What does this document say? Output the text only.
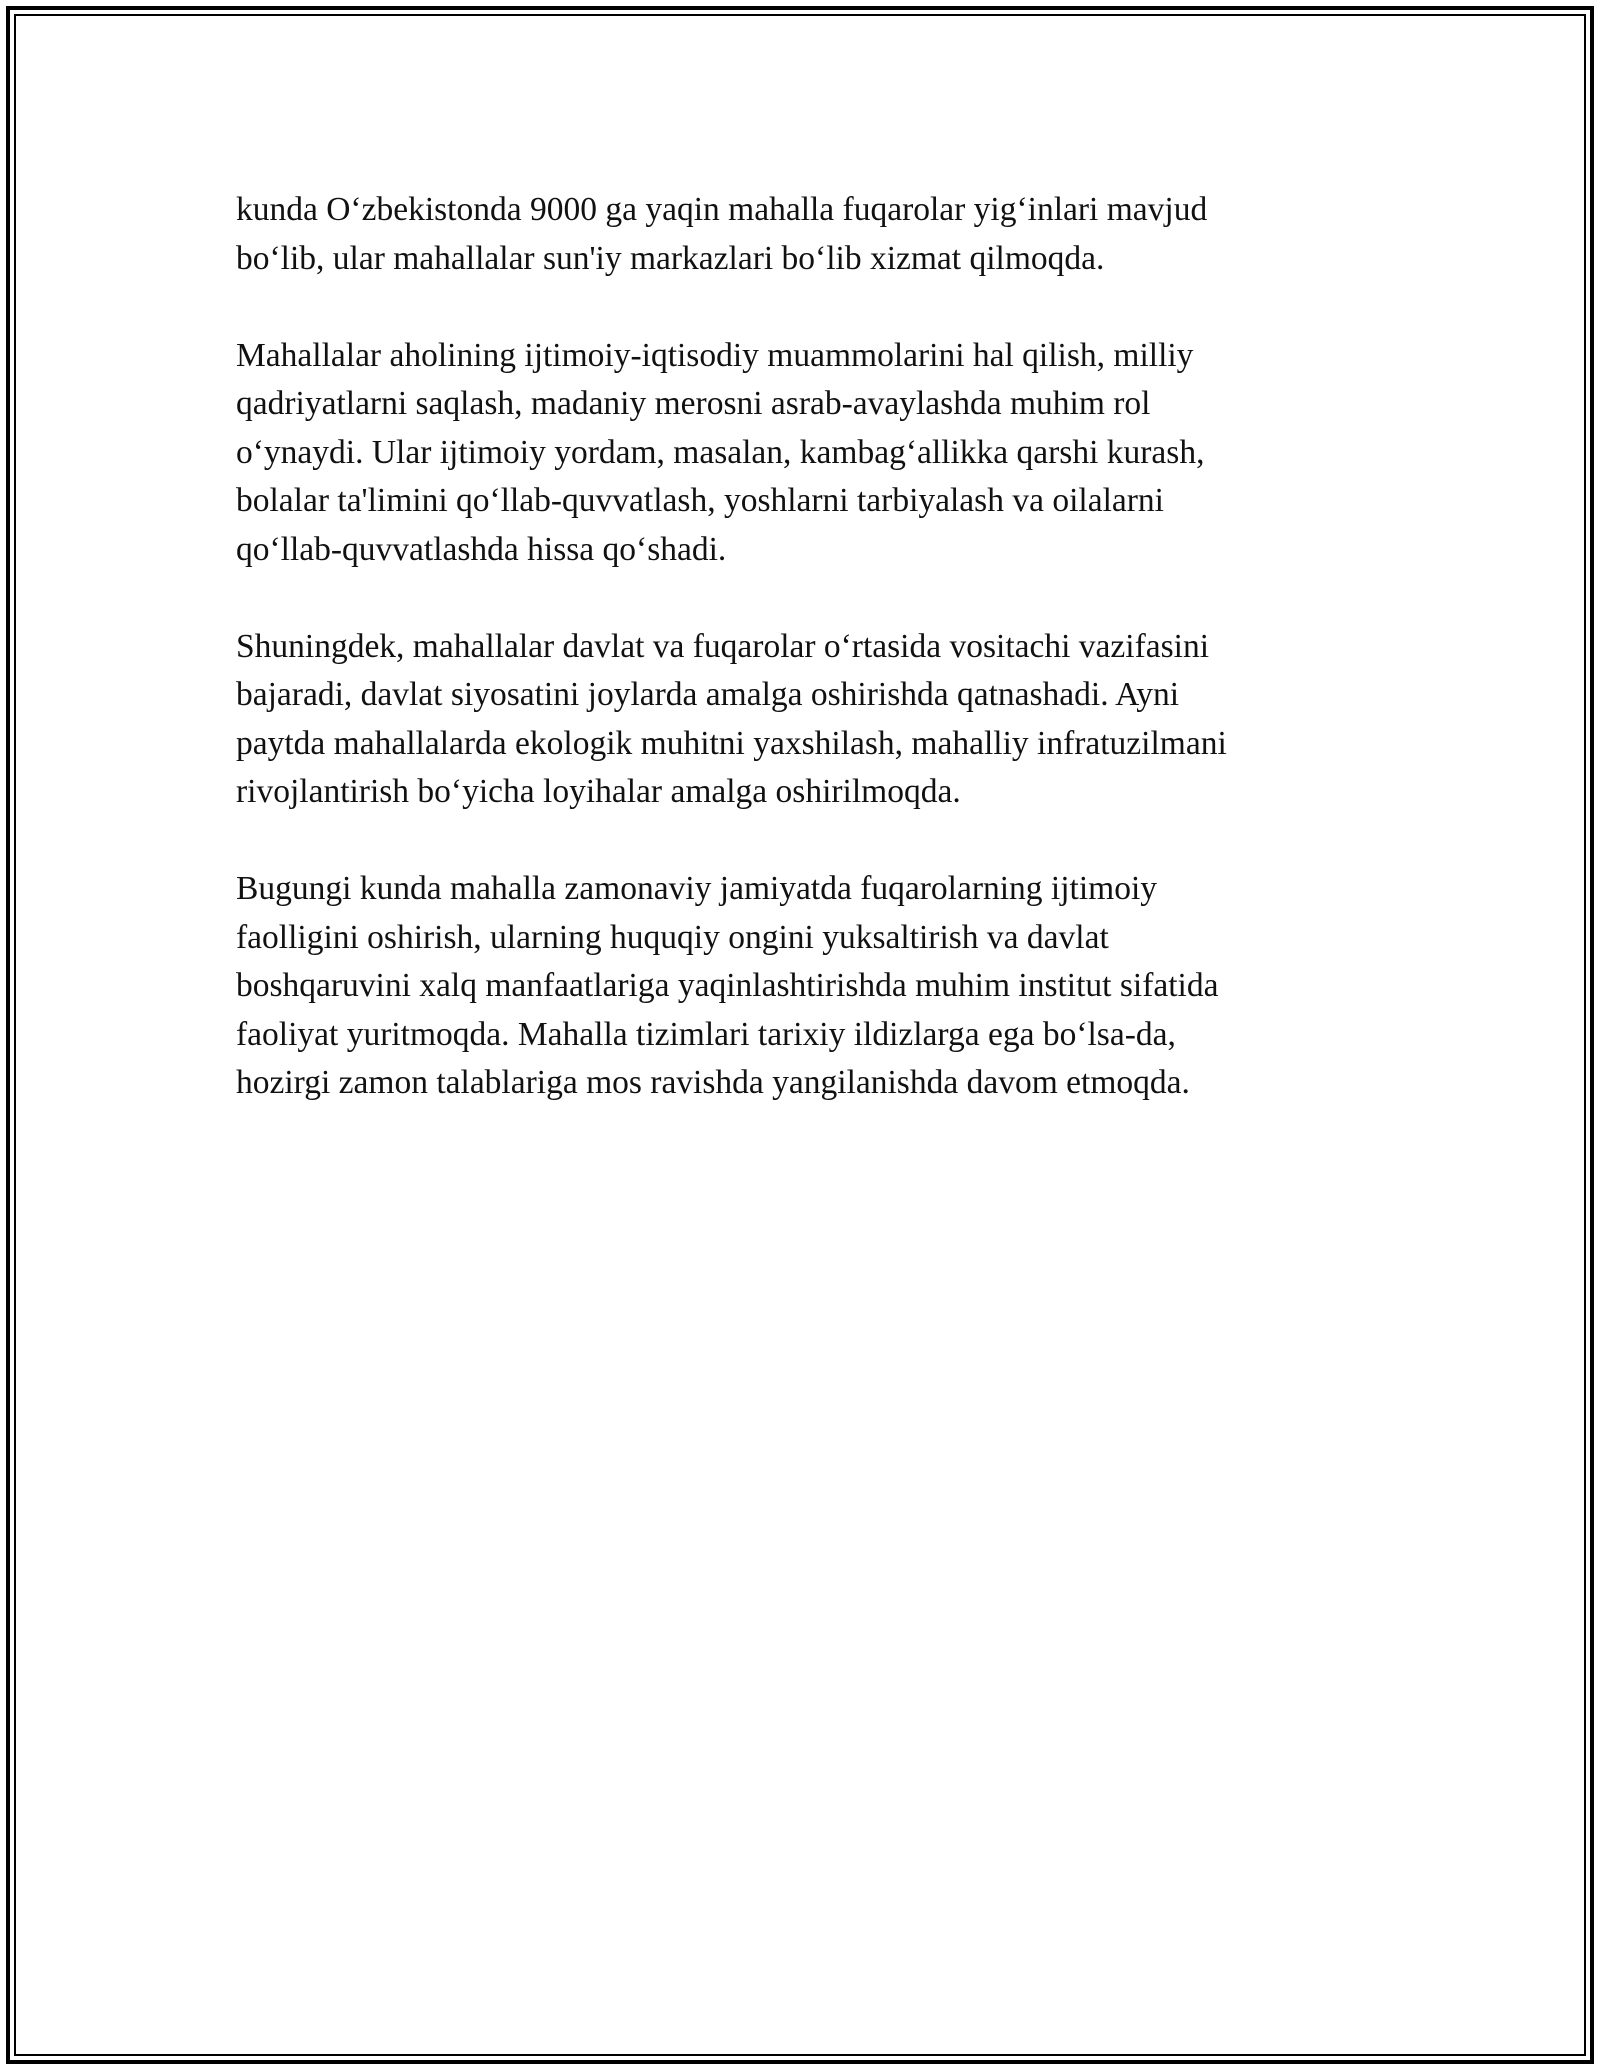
kunda O‘zbekistonda 9000 ga yaqin mahalla fuqarolar yig‘inlari mavjud
bo‘lib, ular mahallalar sun'iy markazlari bo‘lib xizmat qilmoqda.

Mahallalar aholining ijtimoiy-iqtisodiy muammolarini hal qilish, milliy
qadriyatlarni saqlash, madaniy merosni asrab-avaylashda muhim rol
o‘ynaydi. Ular ijtimoiy yordam, masalan, kambag‘allikka qarshi kurash,
bolalar ta'limini qo‘llab-quvvatlash, yoshlarni tarbiyalash va oilalarni
qo‘llab-quvvatlashda hissa qo‘shadi.

Shuningdek, mahallalar davlat va fuqarolar o‘rtasida vositachi vazifasini
bajaradi, davlat siyosatini joylarda amalga oshirishda qatnashadi. Ayni
paytda mahallalarda ekologik muhitni yaxshilash, mahalliy infratuzilmani
rivojlantirish bo‘yicha loyihalar amalga oshirilmoqda.

Bugungi kunda mahalla zamonaviy jamiyatda fuqarolarning ijtimoiy
faolligini oshirish, ularning huquqiy ongini yuksaltirish va davlat
boshqaruvini xalq manfaatlariga yaqinlashtirishda muhim institut sifatida
faoliyat yuritmoqda. Mahalla tizimlari tarixiy ildizlarga ega bo‘lsa-da,
hozirgi zamon talablariga mos ravishda yangilanishda davom etmoqda.
